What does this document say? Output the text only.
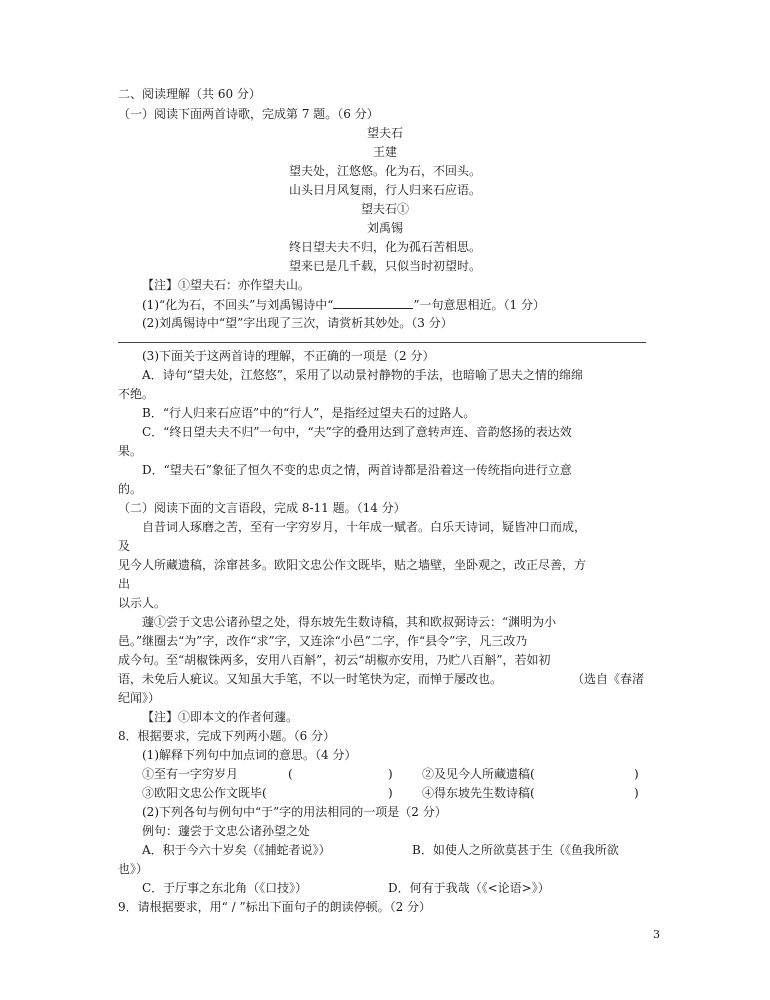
二、阅读理解（共 60 分）

（一）阅读下面两首诗歌，完成第 7 题。（6 分）

望夫石

王建

望夫处，江悠悠。化为石，不回头。

山头日月风复雨，行人归来石应语。

望夫石①

刘禹锡

终日望夫夫不归，化为孤石苦相思。

望来已是几千载，只似当时初望时。

【注】①望夫石：亦作望夫山。

(1)“化为石，不回头”与刘禹锡诗中“	”一句意思相近。（1 分）

(2)刘禹锡诗中“望”字出现了三次，请赏析其妙处。（3 分）

(3)下面关于这两首诗的理解，不正确的一项是（2 分）

A．诗句“望夫处，江悠悠”，采用了以动景衬静物的手法，也暗喻了思夫之情的绵绵

不绝。

B．“行人归来石应语”中的“行人”，是指经过望夫石的过路人。

C．“终日望夫夫不归”一句中，“夫”字的叠用达到了意转声连、音韵悠扬的表达效

果。

D．“望夫石”象征了恒久不变的忠贞之情，两首诗都是沿着这一传统指向进行立意

的。

（二）阅读下面的文言语段，完成 8-11 题。（14 分）

自昔词人琢磨之苦，至有一字穷岁月，十年成一赋者。白乐天诗词，疑皆冲口而成，

及

见今人所藏遗稿，涂窜甚多。欧阳文忠公作文既毕，贴之墙壁，坐卧观之，改正尽善，方

出

以示人。

蘧①尝于文忠公诸孙望之处，得东坡先生数诗稿，其和欧叔弼诗云：“渊明为小

邑。”继圈去“为”字，改作“求”字，又连涂“小邑”二字，作“县令”字，凡三改乃

成今句。至“胡椒铢两多，安用八百斛”，初云“胡椒亦安用，乃贮八百斛”，若如初

语，未免后人疵议。又知虽大手笔，不以一时笔快为定，而惮于屡改也。	（选自《春渚

纪闻》）

【注】①即本文的作者何蘧。

8．根据要求，完成下列两小题。（6 分）

(1)解释下列句中加点词的意思。（4 分）

①至有一字穷岁月	(	) ②及见今人所藏遗稿(	)

③欧阳文忠公作文既毕(	) ④得东坡先生数诗稿(	)

(2)下列各句与例句中“于”字的用法相同的一项是（2 分）

例句：蘧尝于文忠公诸孙望之处

A．积于今六十岁矣（《捕蛇者说》）	B．如使人之所欲莫甚于生（《鱼我所欲

也》）

C．于厅事之东北角（《口技》）	D．何有于我哉（《<论语>》）

9．请根据要求，用“ / ”标出下面句子的朗读停顿。（2 分）

3
